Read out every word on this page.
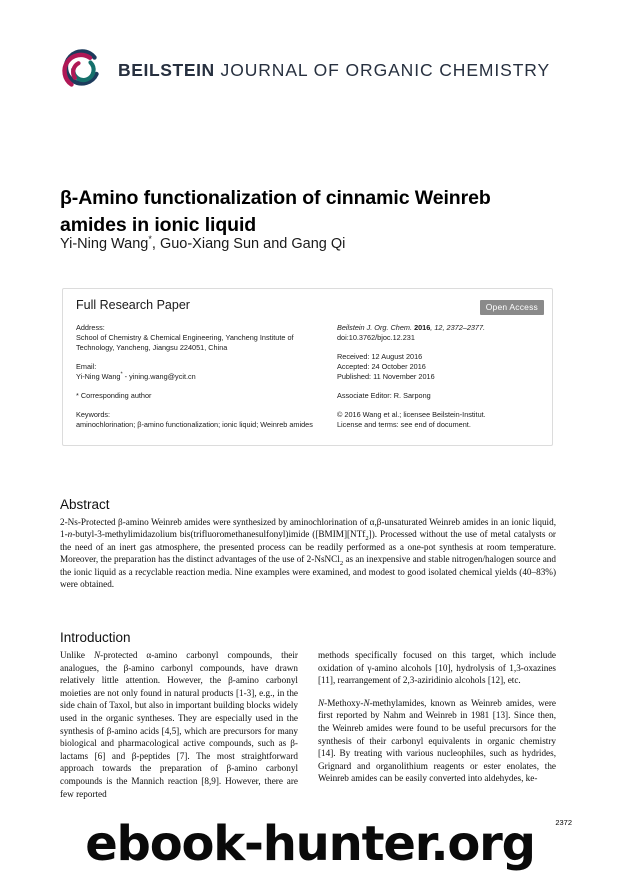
BEILSTEIN JOURNAL OF ORGANIC CHEMISTRY
β-Amino functionalization of cinnamic Weinreb amides in ionic liquid
Yi-Ning Wang*, Guo-Xiang Sun and Gang Qi
Full Research Paper	Open Access
Address:
School of Chemistry & Chemical Engineering, Yancheng Institute of Technology, Yancheng, Jiangsu 224051, China
Email:
Yi-Ning Wang* - yining.wang@ycit.cn
* Corresponding author
Keywords:
aminochlorination; β-amino functionalization; ionic liquid; Weinreb amides
Beilstein J. Org. Chem. 2016, 12, 2372–2377.
doi:10.3762/bjoc.12.231
Received: 12 August 2016
Accepted: 24 October 2016
Published: 11 November 2016
Associate Editor: R. Sarpong
© 2016 Wang et al.; licensee Beilstein-Institut.
License and terms: see end of document.
Abstract
2-Ns-Protected β-amino Weinreb amides were synthesized by aminochlorination of α,β-unsaturated Weinreb amides in an ionic liquid, 1-n-butyl-3-methylimidazolium bis(trifluoromethanesulfonyl)imide ([BMIM][NTf$_2$]). Processed without the use of metal catalysts or the need of an inert gas atmosphere, the presented process can be readily performed as a one-pot synthesis at room temperature. Moreover, the preparation has the distinct advantages of the use of 2-NsNCl$_2$ as an inexpensive and stable nitrogen/halogen source and the ionic liquid as a recyclable reaction media. Nine examples were examined, and modest to good isolated chemical yields (40–83%) were obtained.
Introduction

Unlike N-protected α-amino carbonyl compounds, their analogues, the β-amino carbonyl compounds, have drawn relatively little attention. However, the β-amino carbonyl moieties are not only found in natural products [1-3], e.g., in the side chain of Taxol, but also in important building blocks widely used in the organic syntheses. They are especially used in the synthesis of β-amino acids [4,5], which are precursors for many biological and pharmacological active compounds, such as β-lactams [6] and β-peptides [7]. The most straightforward approach towards the preparation of β-amino carbonyl compounds is the Mannich reaction [8,9]. However, there are few reported

methods specifically focused on this target, which include oxidation of γ-amino alcohols [10], hydrolysis of 1,3-oxazines [11], rearrangement of 2,3-aziridinio alcohols [12], etc.

N-Methoxy-N-methylamides, known as Weinreb amides, were first reported by Nahm and Weinreb in 1981 [13]. Since then, the Weinreb amides were found to be useful precursors for the synthesis of their carbonyl equivalents in organic chemistry [14]. By treating with various nucleophiles, such as hydrides, Grignard and organolithium reagents or ester enolates, the Weinreb amides can be easily converted into aldehydes, ke-

2372
ebook-hunter.org
